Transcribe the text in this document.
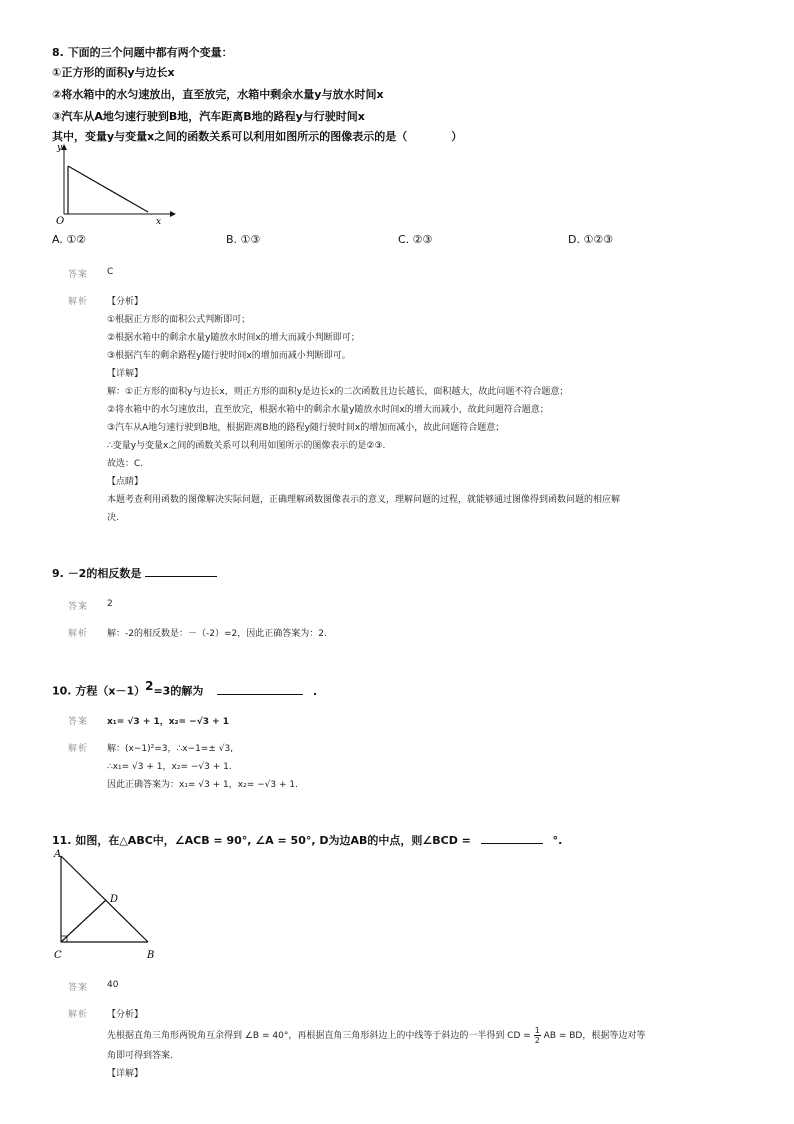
8. 下面的三个问题中都有两个变量：
①正方形的面积y与边长x
②将水箱中的水匀速放出，直至放完，水箱中剩余水量y与放水时间x
③汽车从A地匀速行驶到B地，汽车距离B地的路程y与行驶时间x
其中，变量y与变量x之间的函数关系可以利用如图所示的图像表示的是（　　　　）
y
x
O
A. ①②	B. ①③	C. ②③	D. ①②③
答案 C
解析 【分析】
①根据正方形的面积公式判断即可；
②根据水箱中的剩余水量y随放水时间x的增大而减小判断即可；
③根据汽车的剩余路程y随行驶时间x的增加而减小判断即可。
【详解】
解：①正方形的面积y与边长x，则正方形的面积y是边长x的二次函数且边长越长，面积越大，故此问题不符合题意；
②将水箱中的水匀速放出，直至放完，根据水箱中的剩余水量y随放水时间x的增大而减小，故此问题符合题意；
③汽车从A地匀速行驶到B地，根据距离B地的路程y随行驶时间x的增加而减小，故此问题符合题意；
∴变量y与变量x之间的函数关系可以利用如图所示的图像表示的是②③.
故选：C.
【点睛】
本题考查利用函数的图像解决实际问题，正确理解函数图像表示的意义，理解问题的过程，就能够通过图像得到函数问题的相应解
决.
9. －2的相反数是
答案 2
解析 解：-2的相反数是：－（-2）=2，因此正确答案为：2.
10. 方程$(x-1)^2=3$的解为	.
答案 x₁= √3 + 1，x₂= −√3 + 1
解析 解：(x−1)²=3，∴x−1=± √3,
∴x₁= √3 + 1，x₂= −√3 + 1.
因此正确答案为：x₁= √3 + 1，x₂= −√3 + 1.
11. 如图，在△ABC中，∠ACB = 90°, ∠A = 50°, D为边AB的中点，则∠BCD =	°.
A
D
C	B
答案 40
解析 【分析】
先根据直角三角形两锐角互余得到 ∠B = 40°，再根据直角三角形斜边上的中线等于斜边的一半得到 CD = $\frac{1}{2}$ AB = BD，根据等边对等
角即可得到答案.
【详解】
